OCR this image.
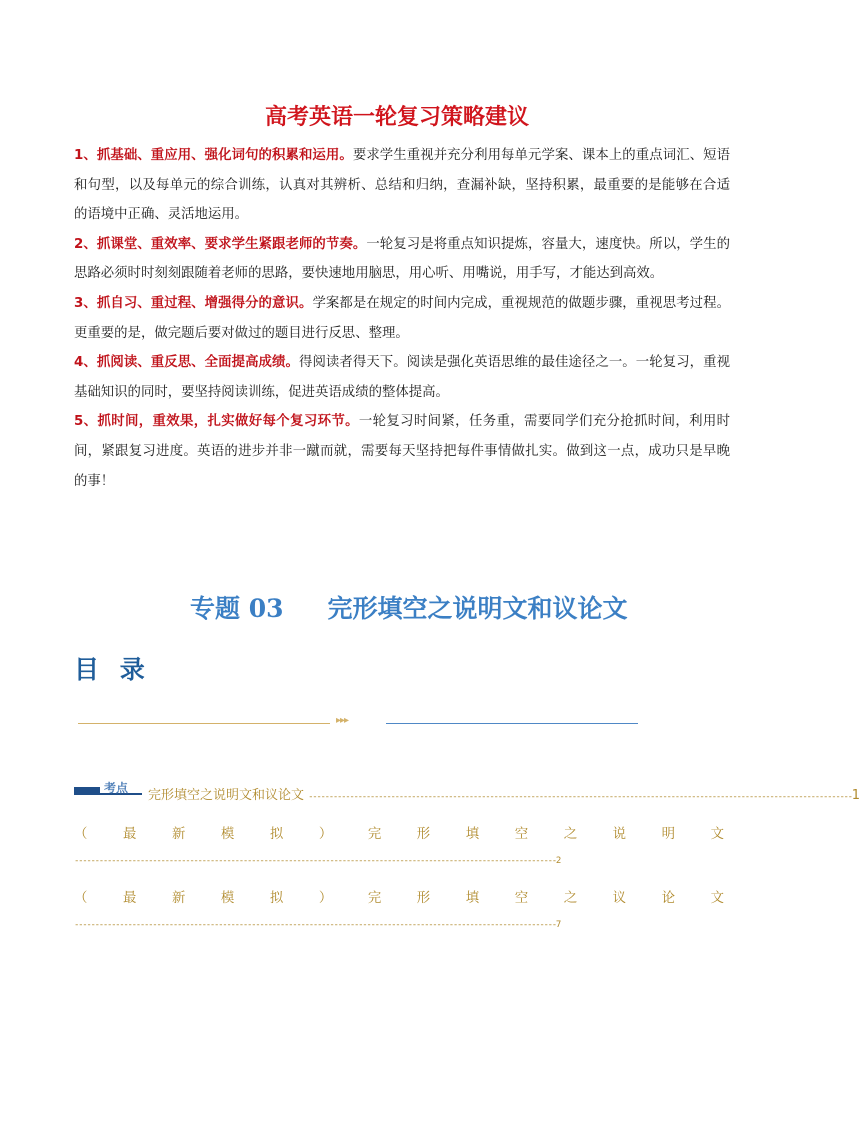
高考英语一轮复习策略建议

1、抓基础、重应用、强化词句的积累和运用。要求学生重视并充分利用每单元学案、课本上的重点词汇、短语和句型，以及每单元的综合训练，认真对其辨析、总结和归纳，查漏补缺，坚持积累，最重要的是能够在合适的语境中正确、灵活地运用。

2、抓课堂、重效率、要求学生紧跟老师的节奏。一轮复习是将重点知识提炼，容量大，速度快。所以，学生的思路必须时时刻刻跟随着老师的思路，要快速地用脑思，用心听、用嘴说，用手写，才能达到高效。

3、抓自习、重过程、增强得分的意识。学案都是在规定的时间内完成，重视规范的做题步骤，重视思考过程。更重要的是，做完题后要对做过的题目进行反思、整理。

4、抓阅读、重反思、全面提高成绩。得阅读者得天下。阅读是强化英语思维的最佳途径之一。一轮复习，重视基础知识的同时，要坚持阅读训练，促进英语成绩的整体提高。

5、抓时间，重效果，扎实做好每个复习环节。一轮复习时间紧，任务重，需要同学们充分抢抓时间，利用时间，紧跟复习进度。英语的进步并非一蹴而就，需要每天坚持把每件事情做扎实。做到这一点，成功只是早晚的事！

专题 03 完形填空之说明文和议论文
目 录
▸▸▸
考点 完形填空之说明文和议论文 ------------------------------------------------------------------------------------------------------------------------------------1
（	最	新	模	拟	）	完	形	填	空	之	说	明	文
---------------------------------------------------------------------------------------------------------------------2
（	最	新	模	拟	）	完	形	填	空	之	议	论	文
---------------------------------------------------------------------------------------------------------------------7
